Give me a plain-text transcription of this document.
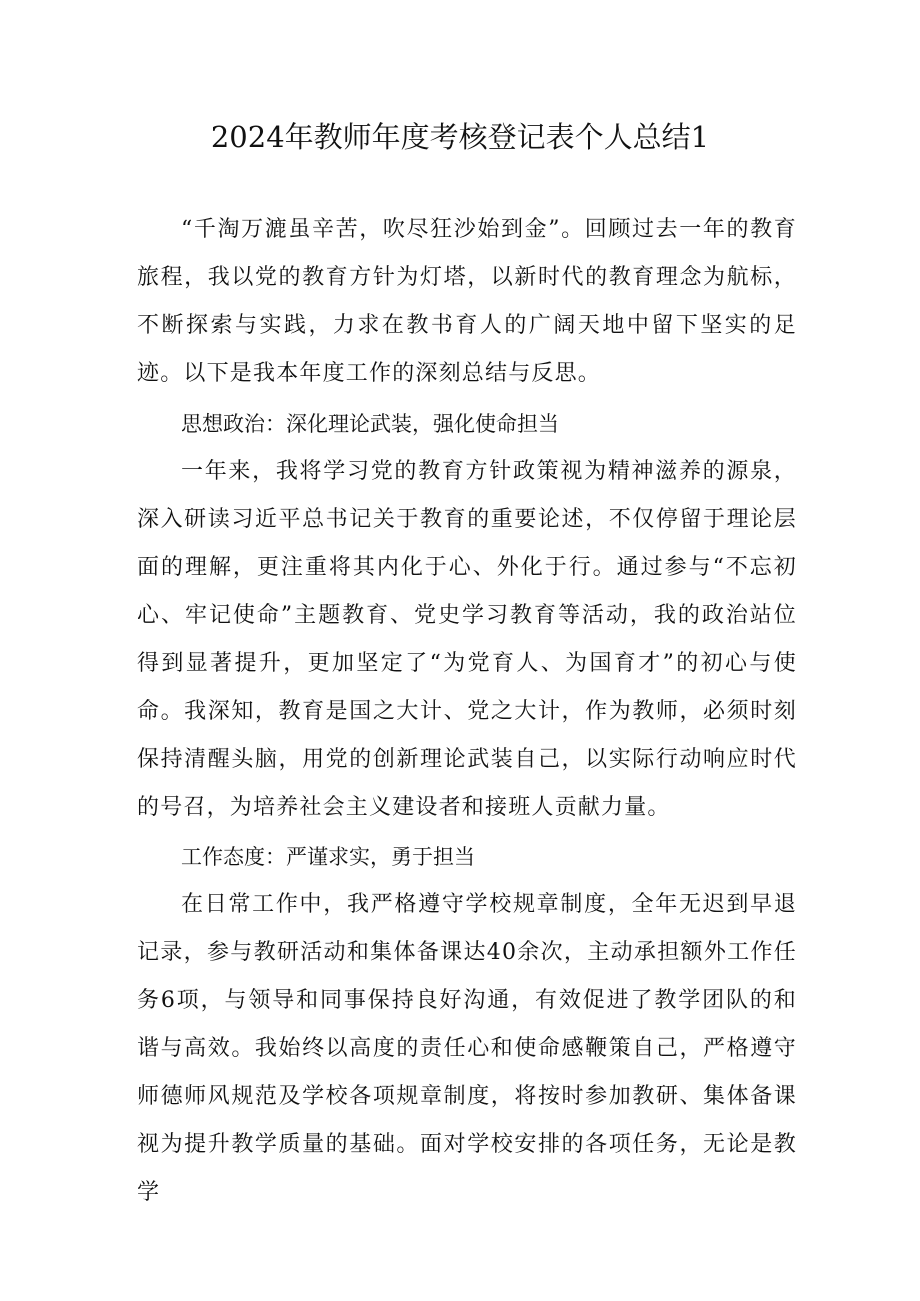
2024年教师年度考核登记表个人总结1

“千淘万漉虽辛苦，吹尽狂沙始到金”。回顾过去一年的教育旅程，我以党的教育方针为灯塔，以新时代的教育理念为航标，不断探索与实践，力求在教书育人的广阔天地中留下坚实的足迹。以下是我本年度工作的深刻总结与反思。

思想政治：深化理论武装，强化使命担当

一年来，我将学习党的教育方针政策视为精神滋养的源泉，深入研读习近平总书记关于教育的重要论述，不仅停留于理论层面的理解，更注重将其内化于心、外化于行。通过参与“不忘初心、牢记使命”主题教育、党史学习教育等活动，我的政治站位得到显著提升，更加坚定了“为党育人、为国育才”的初心与使命。我深知，教育是国之大计、党之大计，作为教师，必须时刻保持清醒头脑，用党的创新理论武装自己，以实际行动响应时代的号召，为培养社会主义建设者和接班人贡献力量。

工作态度：严谨求实，勇于担当

在日常工作中，我严格遵守学校规章制度，全年无迟到早退记录，参与教研活动和集体备课达40余次，主动承担额外工作任务6项，与领导和同事保持良好沟通，有效促进了教学团队的和谐与高效。我始终以高度的责任心和使命感鞭策自己，严格遵守师德师风规范及学校各项规章制度，将按时参加教研、集体备课视为提升教学质量的基础。面对学校安排的各项任务，无论是教学
